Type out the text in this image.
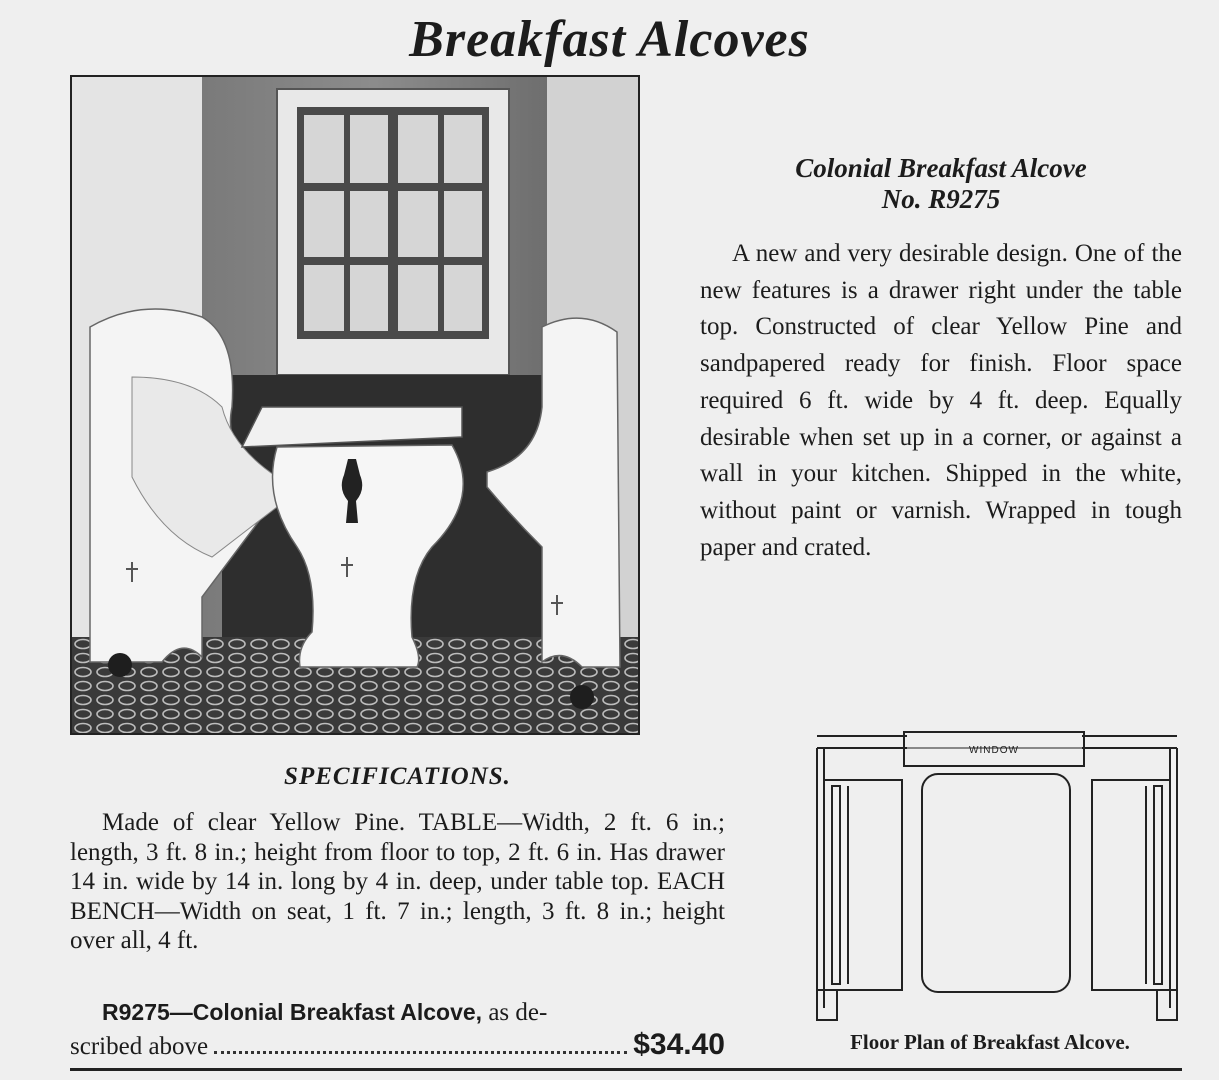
Breakfast Alcoves
Colonial Breakfast Alcove
No. R9275

A new and very desirable design. One of the new features is a drawer right under the table top. Constructed of clear Yellow Pine and sandpapered ready for finish. Floor space required 6 ft. wide by 4 ft. deep. Equally desirable when set up in a corner, or against a wall in your kitchen. Shipped in the white, without paint or varnish. Wrapped in tough paper and crated.

SPECIFICATIONS.

Made of clear Yellow Pine. TABLE—Width, 2 ft. 6 in.; length, 3 ft. 8 in.; height from floor to top, 2 ft. 6 in. Has drawer 14 in. wide by 14 in. long by 4 in. deep, under table top. EACH BENCH—Width on seat, 1 ft. 7 in.; length, 3 ft. 8 in.; height over all, 4 ft.

R9275—Colonial Breakfast Alcove, as de-
scribed above	$34.40
WINDOW
Floor Plan of Breakfast Alcove.
